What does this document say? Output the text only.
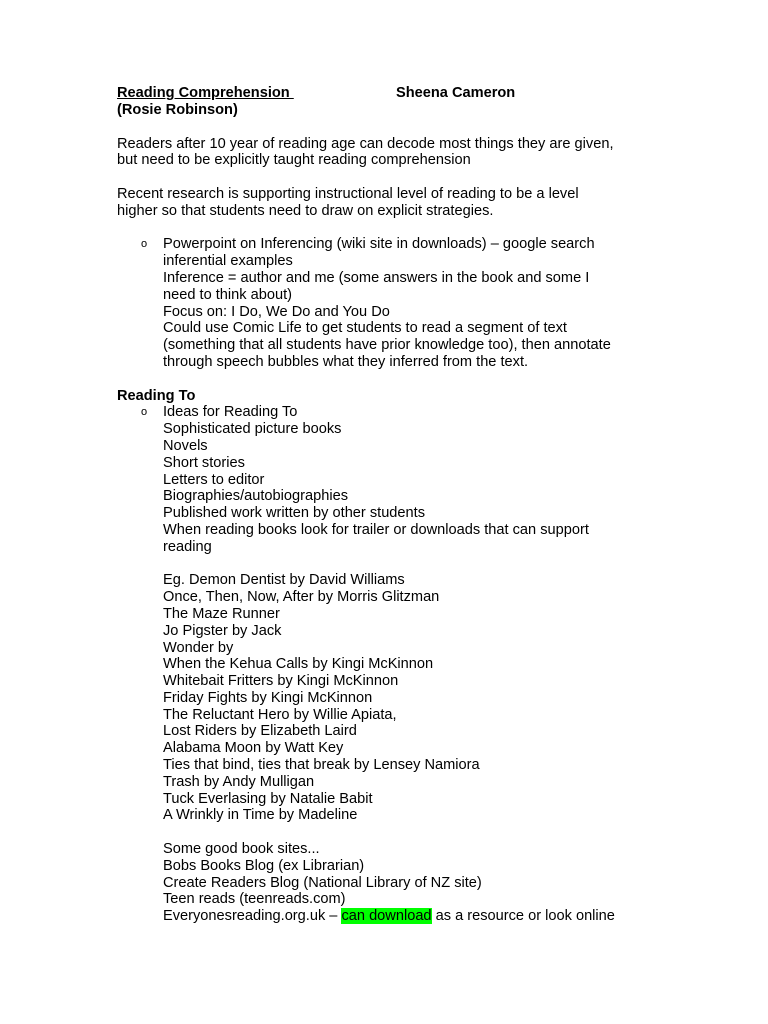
Reading Comprehension	Sheena Cameron

(Rosie Robinson)

Readers after 10 year of reading age can decode most things they are given,

but need to be explicitly taught reading comprehension

Recent research is supporting instructional level of reading to be a level

higher so that students need to draw on explicit strategies.

o Powerpoint on Inferencing (wiki site in downloads) – google search

inferential examples

Inference = author and me (some answers in the book and some I

need to think about)

Focus on: I Do, We Do and You Do

Could use Comic Life to get students to read a segment of text

(something that all students have prior knowledge too), then annotate

through speech bubbles what they inferred from the text.

Reading To

o Ideas for Reading To

Sophisticated picture books

Novels

Short stories

Letters to editor

Biographies/autobiographies

Published work written by other students

When reading books look for trailer or downloads that can support

reading

Eg. Demon Dentist by David Williams

Once, Then, Now, After by Morris Glitzman

The Maze Runner

Jo Pigster by Jack

Wonder by

When the Kehua Calls by Kingi McKinnon

Whitebait Fritters by Kingi McKinnon

Friday Fights by Kingi McKinnon

The Reluctant Hero by Willie Apiata,

Lost Riders by Elizabeth Laird

Alabama Moon by Watt Key

Ties that bind, ties that break by Lensey Namiora

Trash by Andy Mulligan

Tuck Everlasing by Natalie Babit

A Wrinkly in Time by Madeline

Some good book sites...

Bobs Books Blog (ex Librarian)

Create Readers Blog (National Library of NZ site)

Teen reads (teenreads.com)

Everyonesreading.org.uk – can download as a resource or look online
